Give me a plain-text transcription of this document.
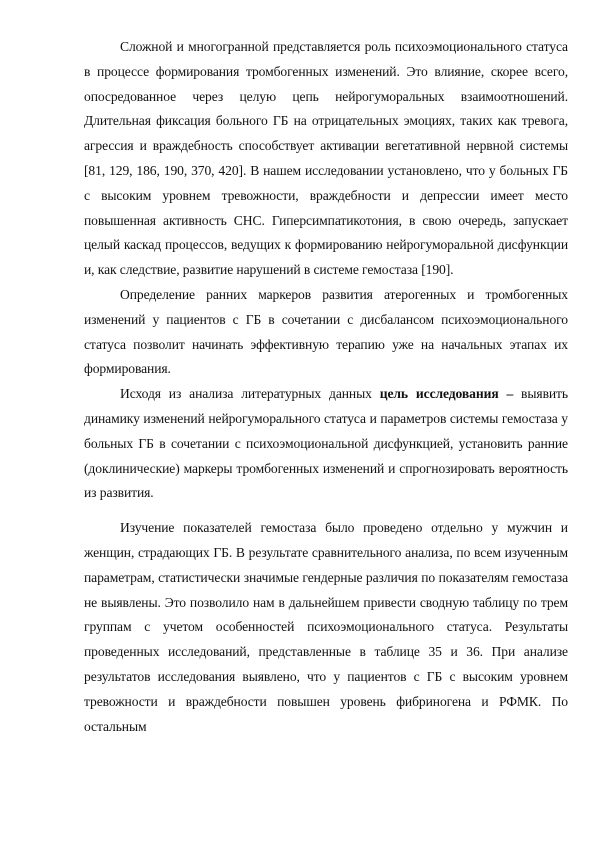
Сложной и многогранной представляется роль психоэмоционального статуса в процессе формирования тромбогенных изменений. Это влияние, скорее всего, опосредованное через целую цепь нейрогуморальных взаимоотношений. Длительная фиксация больного ГБ на отрицательных эмоциях, таких как тревога, агрессия и враждебность способствует активации вегетативной нервной системы [81, 129, 186, 190, 370, 420]. В нашем исследовании установлено, что у больных ГБ с высоким уровнем тревожности, враждебности и депрессии имеет место повышенная активность СНС. Гиперсимпатикотония, в свою очередь, запускает целый каскад процессов, ведущих к формированию нейрогуморальной дисфункции и, как следствие, развитие нарушений в системе гемостаза [190].

Определение ранних маркеров развития атерогенных и тромбогенных изменений у пациентов с ГБ в сочетании с дисбалансом психоэмоционального статуса позволит начинать эффективную терапию уже на начальных этапах их формирования.

Исходя из анализа литературных данных цель исследования – выявить динамику изменений нейрогуморального статуса и параметров системы гемостаза у больных ГБ в сочетании с психоэмоциональной дисфункцией, установить ранние (доклинические) маркеры тромбогенных изменений и спрогнозировать вероятность из развития.

Изучение показателей гемостаза было проведено отдельно у мужчин и женщин, страдающих ГБ. В результате сравнительного анализа, по всем изученным параметрам, статистически значимые гендерные различия по показателям гемостаза не выявлены. Это позволило нам в дальнейшем привести сводную таблицу по трем группам с учетом особенностей психоэмоционального статуса. Результаты проведенных исследований, представленные в таблице 35 и 36. При анализе результатов исследования выявлено, что у пациентов с ГБ с высоким уровнем тревожности и враждебности повышен уровень фибриногена и РФМК. По остальным
